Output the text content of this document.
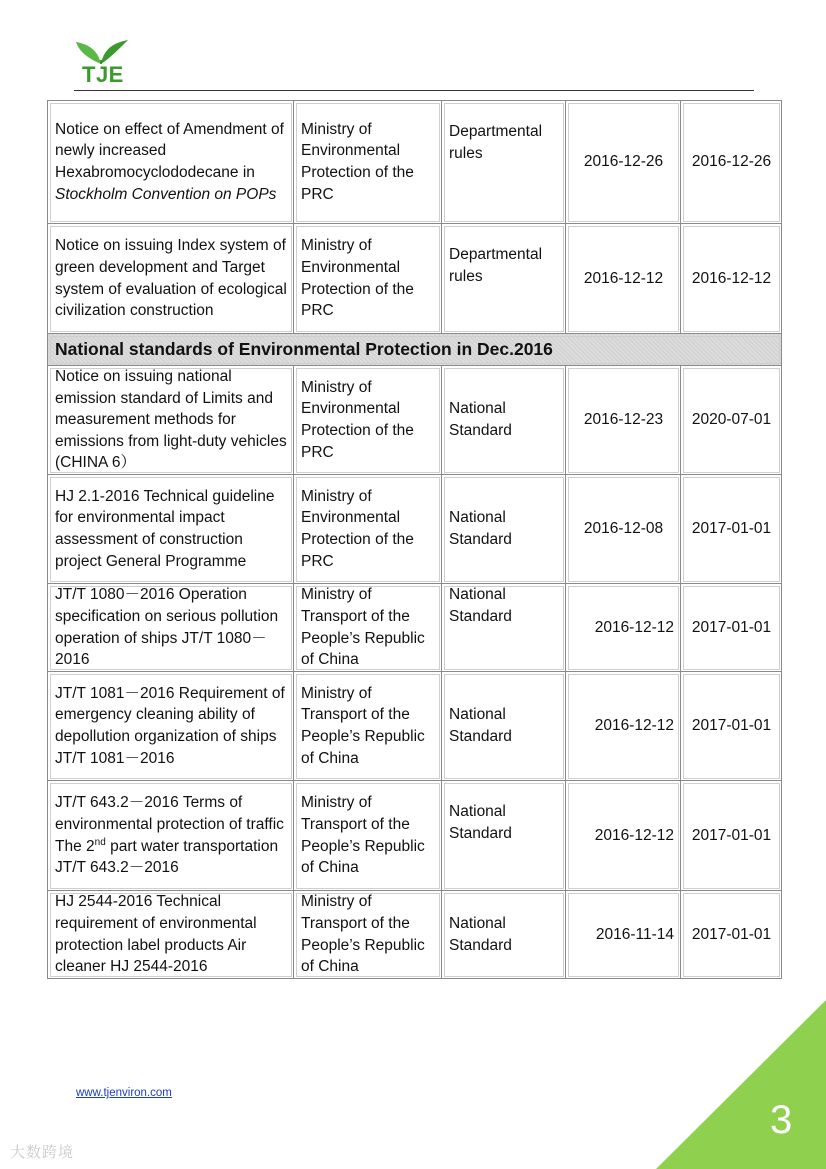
TJE
Notice on effect of Amendment of newly increased Hexabromocyclododecane in Stockholm Convention on POPs	Ministry of Environmental Protection of the PRC	Departmental rules	2016-12-26	2016-12-26
Notice on issuing Index system of green development and Target system of evaluation of ecological civilization construction	Ministry of Environmental Protection of the PRC	Departmental rules	2016-12-12	2016-12-12
National standards of Environmental Protection in Dec.2016				
Notice on issuing national emission standard of Limits and measurement methods for emissions from light-duty vehicles (CHINA 6）	Ministry of Environmental Protection of the PRC	National Standard	2016-12-23	2020-07-01
HJ 2.1-2016 Technical guideline for environmental impact assessment of construction project General Programme	Ministry of Environmental Protection of the PRC	National Standard	2016-12-08	2017-01-01
JT/T 1080－2016 Operation specification on serious pollution operation of ships JT/T 1080－2016	Ministry of Transport of the People’s Republic of China	National Standard	2016-12-12	2017-01-01
JT/T 1081－2016 Requirement of emergency cleaning ability of depollution organization of ships JT/T 1081－2016	Ministry of Transport of the People’s Republic of China	National Standard	2016-12-12	2017-01-01
JT/T 643.2－2016 Terms of environmental protection of traffic The 2nd part water transportation JT/T 643.2－2016	Ministry of Transport of the People’s Republic of China	National Standard	2016-12-12	2017-01-01
HJ 2544-2016 Technical requirement of environmental protection label products Air cleaner HJ 2544-2016	Ministry of Transport of the People’s Republic of China	National Standard	2016-11-14	2017-01-01
www.tjenviron.com
3
大数跨境
